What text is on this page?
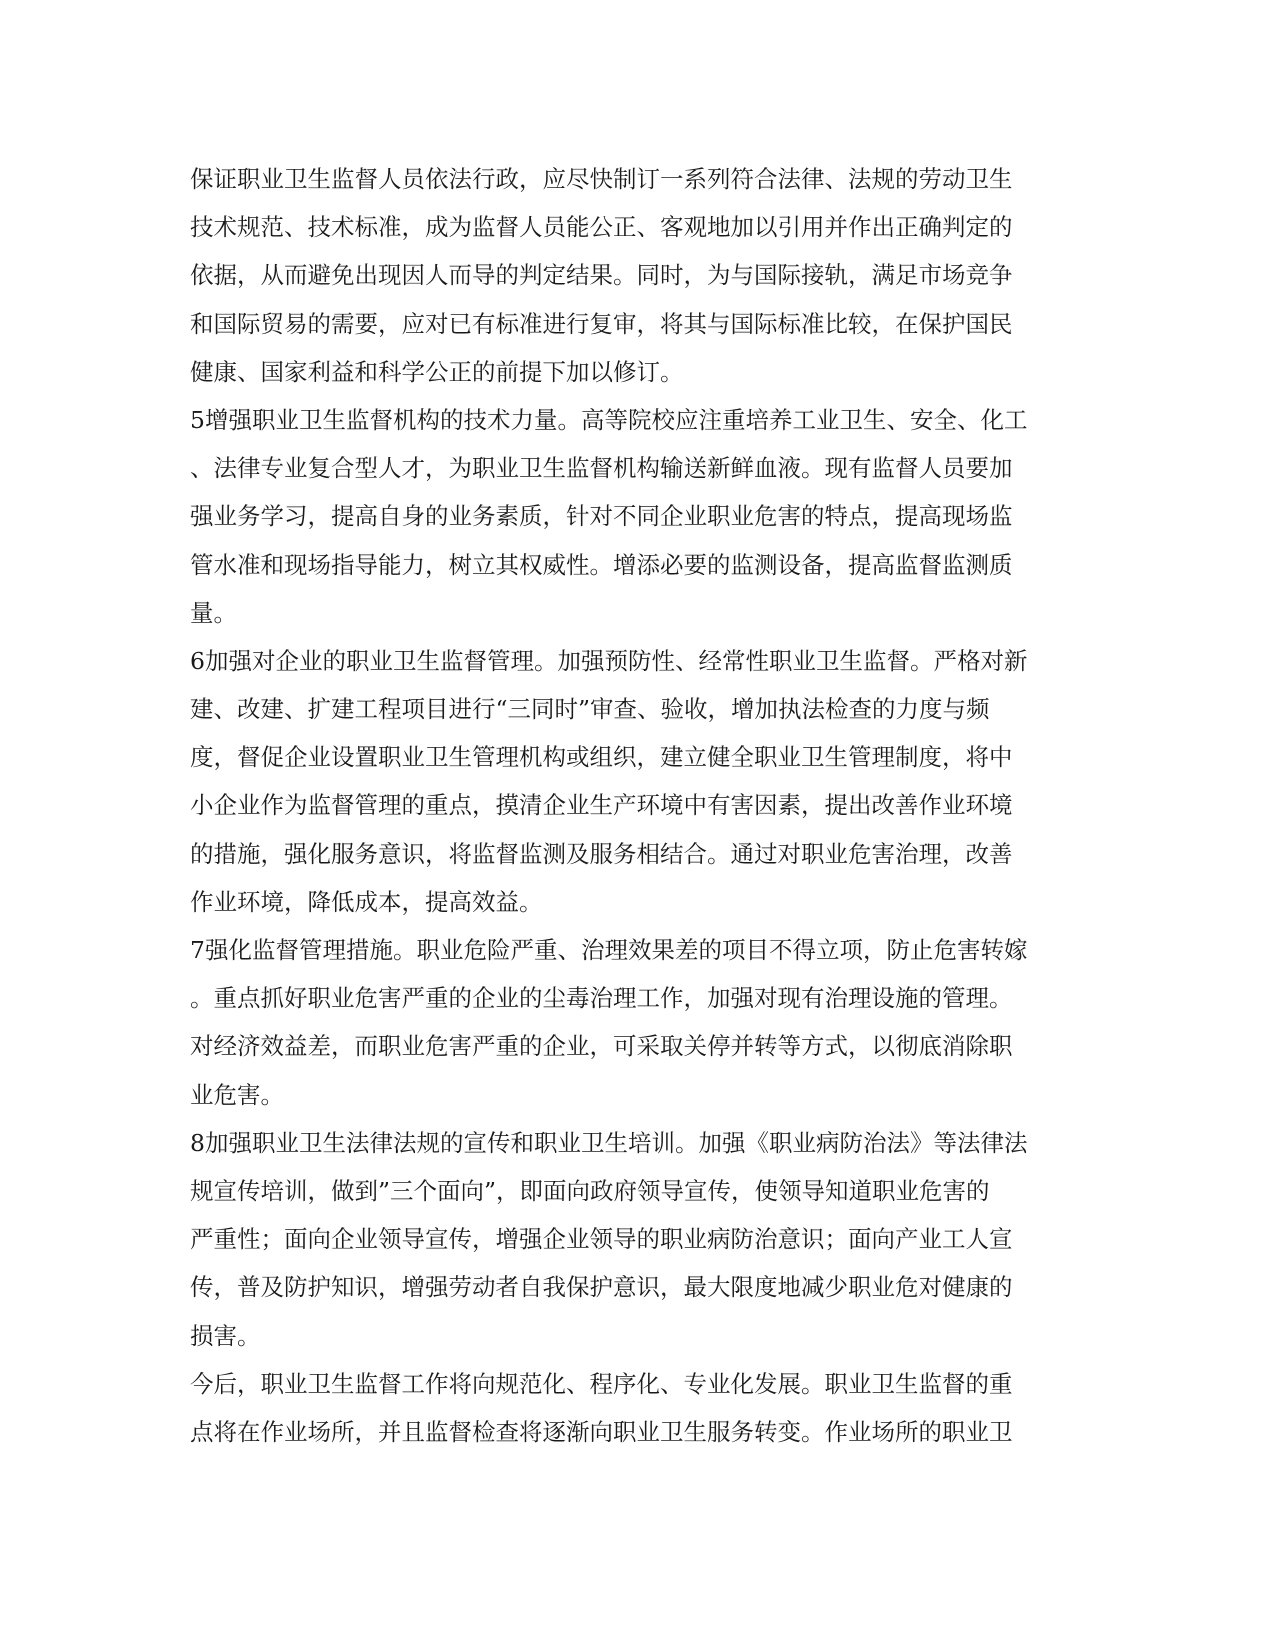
保证职业卫生监督人员依法行政，应尽快制订一系列符合法律、法规的劳动卫生
技术规范、技术标准，成为监督人员能公正、客观地加以引用并作出正确判定的
依据，从而避免出现因人而导的判定结果。同时，为与国际接轨，满足市场竞争
和国际贸易的需要，应对已有标准进行复审，将其与国际标准比较，在保护国民
健康、国家利益和科学公正的前提下加以修订。
5增强职业卫生监督机构的技术力量。高等院校应注重培养工业卫生、安全、化工
、法律专业复合型人才，为职业卫生监督机构输送新鲜血液。现有监督人员要加
强业务学习，提高自身的业务素质，针对不同企业职业危害的特点，提高现场监
管水准和现场指导能力，树立其权威性。增添必要的监测设备，提高监督监测质
量。
6加强对企业的职业卫生监督管理。加强预防性、经常性职业卫生监督。严格对新
建、改建、扩建工程项目进行“三同时”审查、验收，增加执法检查的力度与频
度，督促企业设置职业卫生管理机构或组织，建立健全职业卫生管理制度，将中
小企业作为监督管理的重点，摸清企业生产环境中有害因素，提出改善作业环境
的措施，强化服务意识，将监督监测及服务相结合。通过对职业危害治理，改善
作业环境，降低成本，提高效益。
7强化监督管理措施。职业危险严重、治理效果差的项目不得立项，防止危害转嫁
。重点抓好职业危害严重的企业的尘毒治理工作，加强对现有治理设施的管理。
对经济效益差，而职业危害严重的企业，可采取关停并转等方式，以彻底消除职
业危害。
8加强职业卫生法律法规的宣传和职业卫生培训。加强《职业病防治法》等法律法
规宣传培训，做到”三个面向”，即面向政府领导宣传，使领导知道职业危害的
严重性；面向企业领导宣传，增强企业领导的职业病防治意识；面向产业工人宣
传，普及防护知识，增强劳动者自我保护意识，最大限度地减少职业危对健康的
损害。
今后，职业卫生监督工作将向规范化、程序化、专业化发展。职业卫生监督的重
点将在作业场所，并且监督检查将逐渐向职业卫生服务转变。作业场所的职业卫
